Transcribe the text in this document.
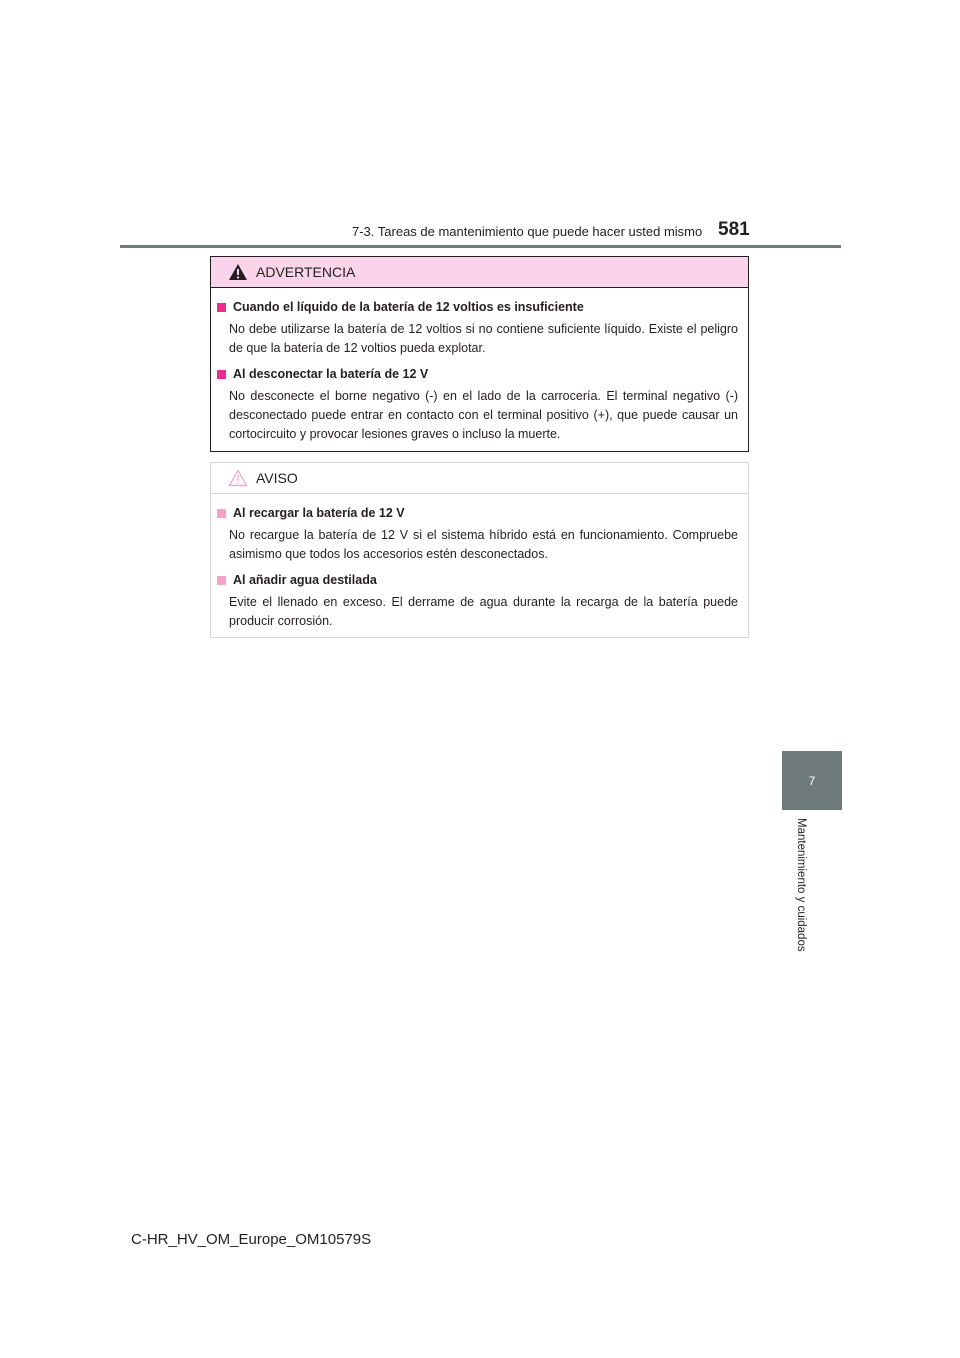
7-3. Tareas de mantenimiento que puede hacer usted mismo 581
7
Mantenimiento y cuidados
ADVERTENCIA
Cuando el líquido de la batería de 12 voltios es insuficiente

No debe utilizarse la batería de 12 voltios si no contiene suficiente líquido. Existe el peligro de que la batería de 12 voltios pueda explotar.

Al desconectar la batería de 12 V

No desconecte el borne negativo (-) en el lado de la carrocería. El terminal negativo (-) desconectado puede entrar en contacto con el terminal positivo (+), que puede causar un cortocircuito y provocar lesiones graves o incluso la muerte.

AVISO
Al recargar la batería de 12 V

No recargue la batería de 12 V si el sistema híbrido está en funcionamiento. Compruebe asimismo que todos los accesorios estén desconectados.

Al añadir agua destilada

Evite el llenado en exceso. El derrame de agua durante la recarga de la batería puede producir corrosión.

C-HR_HV_OM_Europe_OM10579S
